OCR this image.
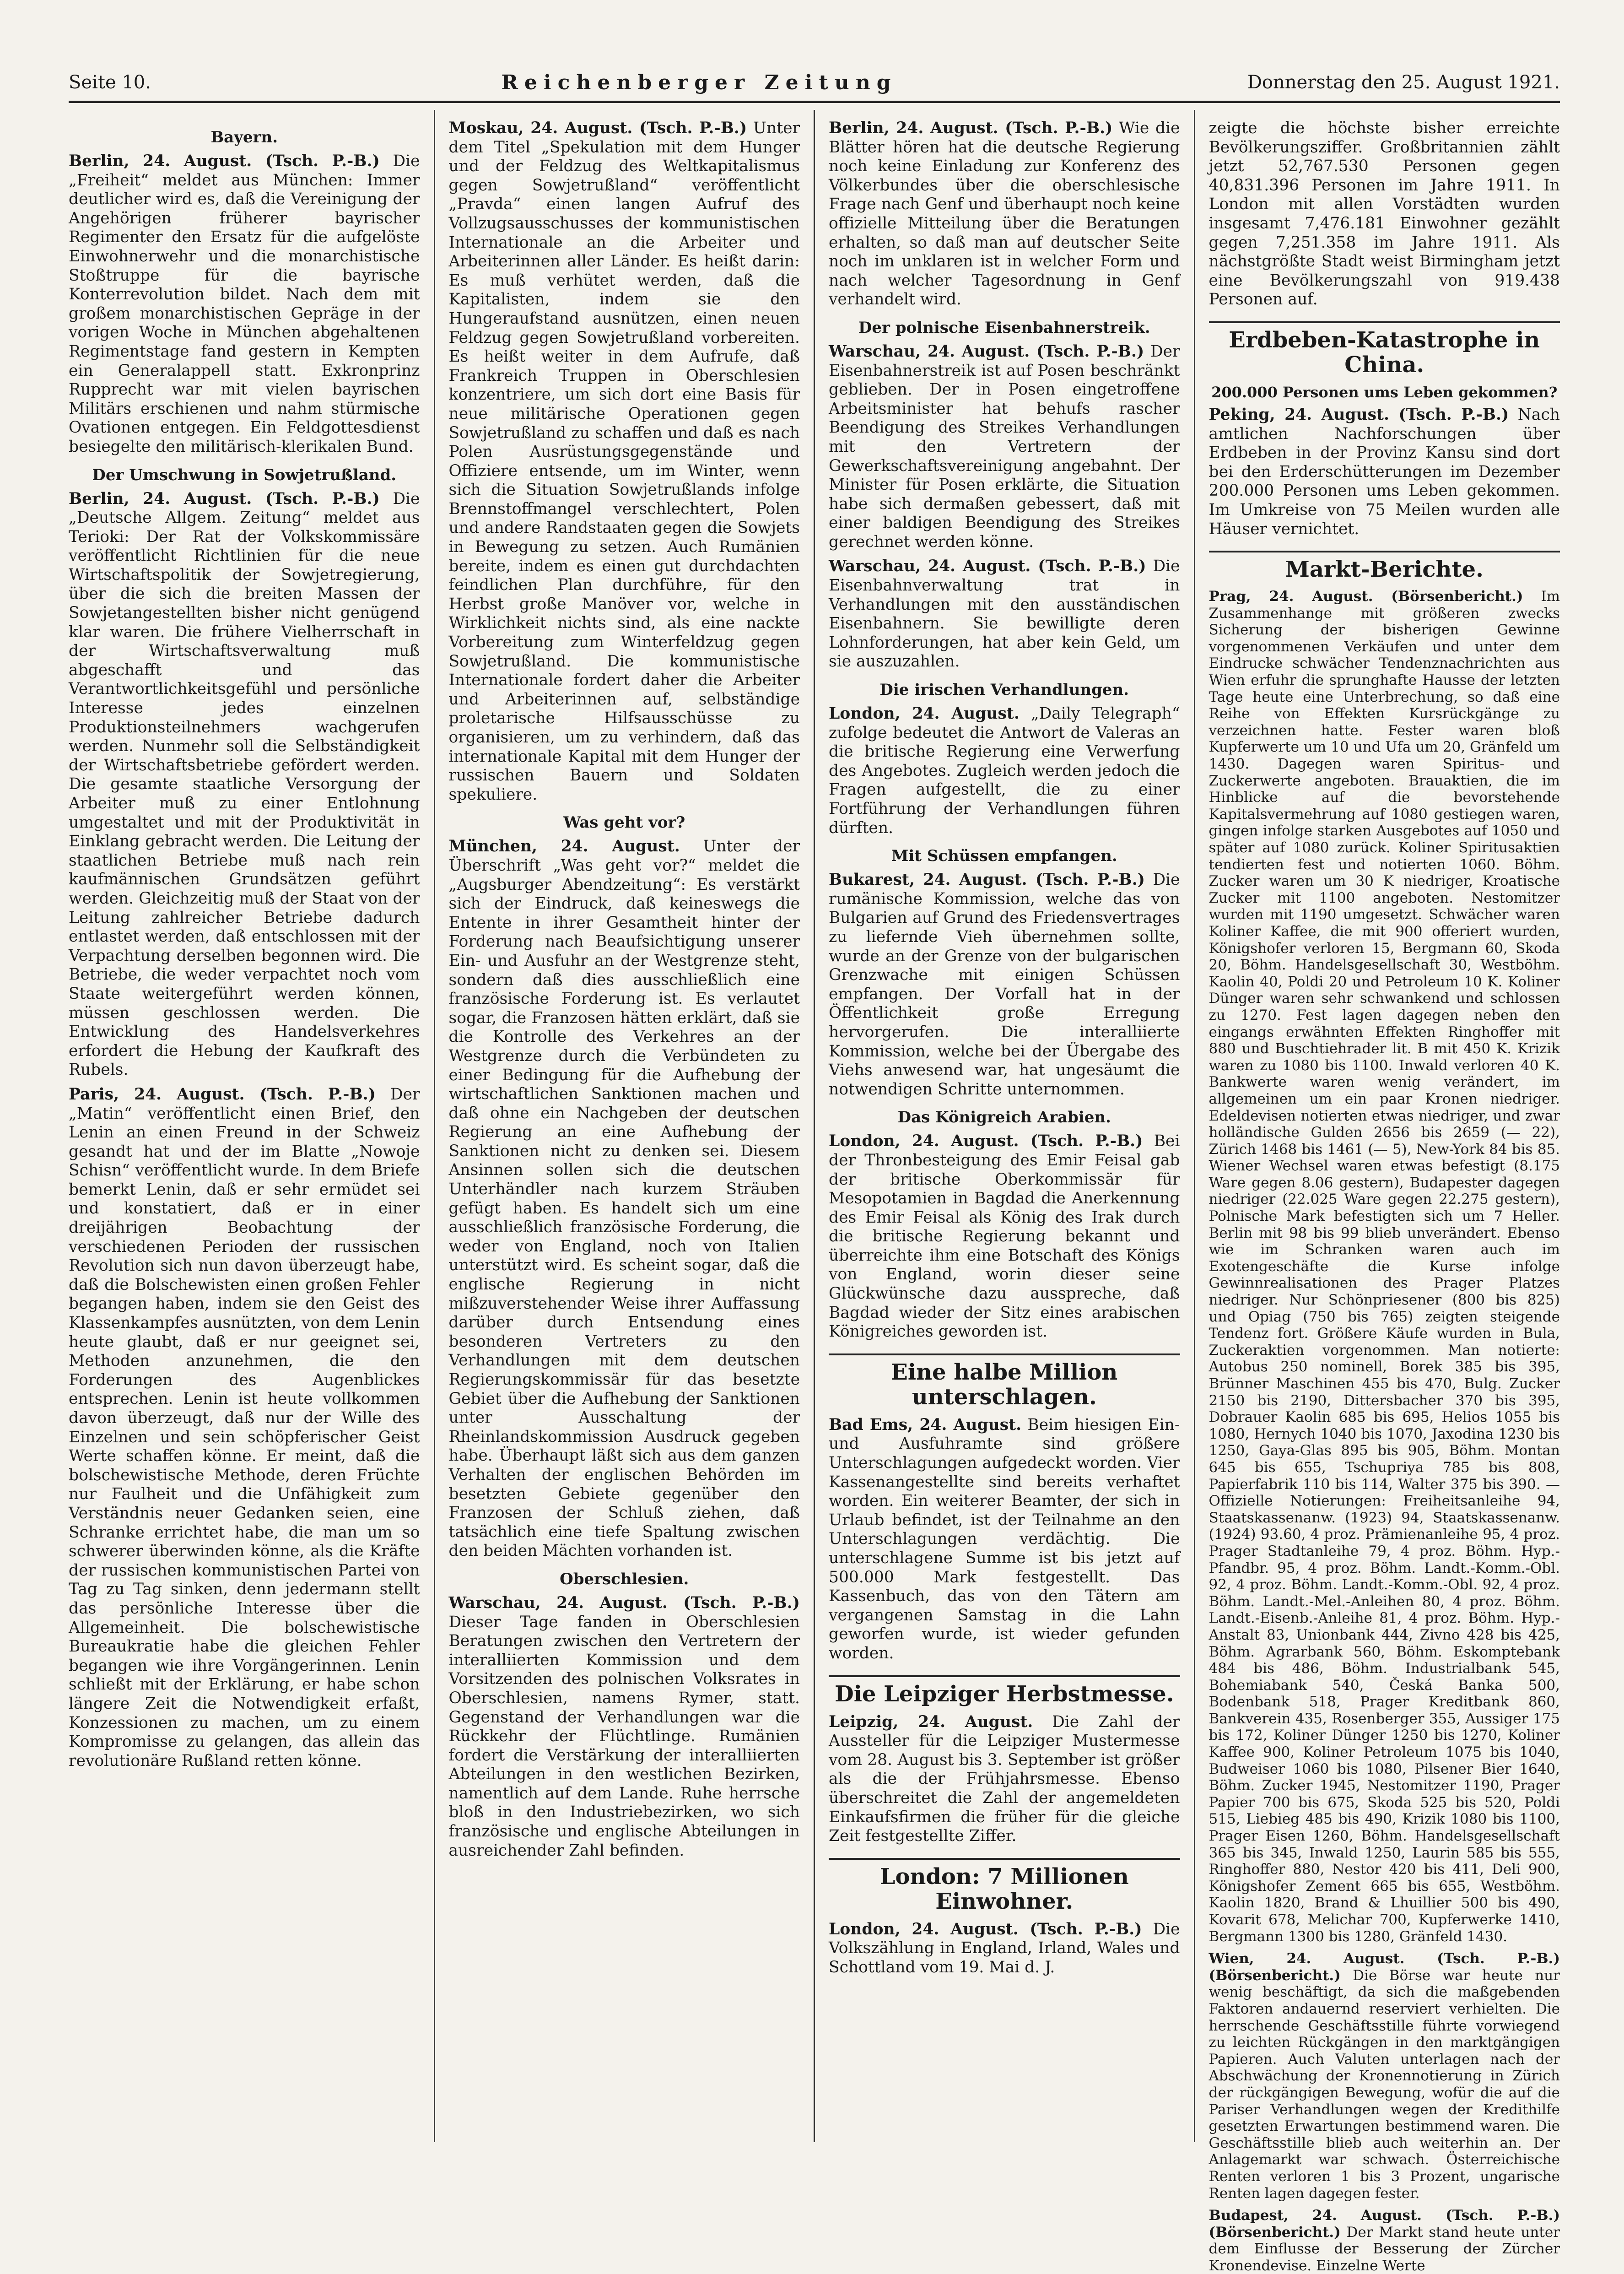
Seite 10.	Reichenberger Zeitung	Donnerstag den 25. August 1921.
Bayern.

Berlin, 24. August. (Tsch. P.-B.) Die „Freiheit“ meldet aus München: Immer deutlicher wird es, daß die Vereinigung der Angehörigen früherer bayrischer Regimenter den Ersatz für die aufgelöste Einwohnerwehr und die monarchistische Stoßtruppe für die bayrische Konterrevolution bildet. Nach dem mit großem monarchistischen Gepräge in der vorigen Woche in München abgehaltenen Regimentstage fand gestern in Kempten ein Generalappell statt. Exkronprinz Rupprecht war mit vielen bayrischen Militärs erschienen und nahm stürmische Ovationen entgegen. Ein Feldgottesdienst besiegelte den militärisch-klerikalen Bund.

Der Umschwung in Sowjetrußland.

Berlin, 24. August. (Tsch. P.-B.) Die „Deutsche Allgem. Zeitung“ meldet aus Terioki: Der Rat der Volkskommissäre veröffentlicht Richtlinien für die neue Wirtschaftspolitik der Sowjetregierung, über die sich die breiten Massen der Sowjetangestellten bisher nicht genügend klar waren. Die frühere Vielherrschaft in der Wirtschaftsverwaltung muß abgeschafft und das Verantwortlichkeitsgefühl und persönliche Interesse jedes einzelnen Produktionsteilnehmers wachgerufen werden. Nunmehr soll die Selbständigkeit der Wirtschaftsbetriebe gefördert werden. Die gesamte staatliche Versorgung der Arbeiter muß zu einer Entlohnung umgestaltet und mit der Produktivität in Einklang gebracht werden. Die Leitung der staatlichen Betriebe muß nach rein kaufmännischen Grundsätzen geführt werden. Gleichzeitig muß der Staat von der Leitung zahlreicher Betriebe dadurch entlastet werden, daß entschlossen mit der Verpachtung derselben begonnen wird. Die Betriebe, die weder verpachtet noch vom Staate weitergeführt werden können, müssen geschlossen werden. Die Entwicklung des Handelsverkehres erfordert die Hebung der Kaufkraft des Rubels.

Paris, 24. August. (Tsch. P.-B.) Der „Matin“ veröffentlicht einen Brief, den Lenin an einen Freund in der Schweiz gesandt hat und der im Blatte „Nowoje Schisn“ veröffentlicht wurde. In dem Briefe bemerkt Lenin, daß er sehr ermüdet sei und konstatiert, daß er in einer dreijährigen Beobachtung der verschiedenen Perioden der russischen Revolution sich nun davon überzeugt habe, daß die Bolschewisten einen großen Fehler begangen haben, indem sie den Geist des Klassenkampfes ausnützten, von dem Lenin heute glaubt, daß er nur geeignet sei, Methoden anzunehmen, die den Forderungen des Augenblickes entsprechen. Lenin ist heute vollkommen davon überzeugt, daß nur der Wille des Einzelnen und sein schöpferischer Geist Werte schaffen könne. Er meint, daß die bolschewistische Methode, deren Früchte nur Faulheit und die Unfähigkeit zum Verständnis neuer Gedanken seien, eine Schranke errichtet habe, die man um so schwerer überwinden könne, als die Kräfte der russischen kommunistischen Partei von Tag zu Tag sinken, denn jedermann stellt das persönliche Interesse über die Allgemeinheit. Die bolschewistische Bureaukratie habe die gleichen Fehler begangen wie ihre Vorgängerinnen. Lenin schließt mit der Erklärung, er habe schon längere Zeit die Notwendigkeit erfaßt, Konzessionen zu machen, um zu einem Kompromisse zu gelangen, das allein das revolutionäre Rußland retten könne.

Moskau, 24. August. (Tsch. P.-B.) Unter dem Titel „Spekulation mit dem Hunger und der Feldzug des Weltkapitalismus gegen Sowjetrußland“ veröffentlicht „Pravda“ einen langen Aufruf des Vollzugsausschusses der kommunistischen Internationale an die Arbeiter und Arbeiterinnen aller Länder. Es heißt darin: Es muß verhütet werden, daß die Kapitalisten, indem sie den Hungeraufstand ausnützen, einen neuen Feldzug gegen Sowjetrußland vorbereiten. Es heißt weiter in dem Aufrufe, daß Frankreich Truppen in Oberschlesien konzentriere, um sich dort eine Basis für neue militärische Operationen gegen Sowjetrußland zu schaffen und daß es nach Polen Ausrüstungsgegenstände und Offiziere entsende, um im Winter, wenn sich die Situation Sowjetrußlands infolge Brennstoffmangel verschlechtert, Polen und andere Randstaaten gegen die Sowjets in Bewegung zu setzen. Auch Rumänien bereite, indem es einen gut durchdachten feindlichen Plan durchführe, für den Herbst große Manöver vor, welche in Wirklichkeit nichts sind, als eine nackte Vorbereitung zum Winterfeldzug gegen Sowjetrußland. Die kommunistische Internationale fordert daher die Arbeiter und Arbeiterinnen auf, selbständige proletarische Hilfsausschüsse zu organisieren, um zu verhindern, daß das internationale Kapital mit dem Hunger der russischen Bauern und Soldaten spekuliere.

Was geht vor?

München, 24. August. Unter der Überschrift „Was geht vor?“ meldet die „Augsburger Abendzeitung“: Es verstärkt sich der Eindruck, daß keineswegs die Entente in ihrer Gesamtheit hinter der Forderung nach Beaufsichtigung unserer Ein- und Ausfuhr an der Westgrenze steht, sondern daß dies ausschließlich eine französische Forderung ist. Es verlautet sogar, die Franzosen hätten erklärt, daß sie die Kontrolle des Verkehres an der Westgrenze durch die Verbündeten zu einer Bedingung für die Aufhebung der wirtschaftlichen Sanktionen machen und daß ohne ein Nachgeben der deutschen Regierung an eine Aufhebung der Sanktionen nicht zu denken sei. Diesem Ansinnen sollen sich die deutschen Unterhändler nach kurzem Sträuben gefügt haben. Es handelt sich um eine ausschließlich französische Forderung, die weder von England, noch von Italien unterstützt wird. Es scheint sogar, daß die englische Regierung in nicht mißzuverstehender Weise ihrer Auffassung darüber durch Entsendung eines besonderen Vertreters zu den Verhandlungen mit dem deutschen Regierungskommissär für das besetzte Gebiet über die Aufhebung der Sanktionen unter Ausschaltung der Rheinlandskommission Ausdruck gegeben habe. Überhaupt läßt sich aus dem ganzen Verhalten der englischen Behörden im besetzten Gebiete gegenüber den Franzosen der Schluß ziehen, daß tatsächlich eine tiefe Spaltung zwischen den beiden Mächten vorhanden ist.

Oberschlesien.

Warschau, 24. August. (Tsch. P.-B.) Dieser Tage fanden in Oberschlesien Beratungen zwischen den Vertretern der interalliierten Kommission und dem Vorsitzenden des polnischen Volksrates in Oberschlesien, namens Rymer, statt. Gegenstand der Verhandlungen war die Rückkehr der Flüchtlinge. Rumänien fordert die Verstärkung der interalliierten Abteilungen in den westlichen Bezirken, namentlich auf dem Lande. Ruhe herrsche bloß in den Industriebezirken, wo sich französische und englische Abteilungen in ausreichender Zahl befinden.

Berlin, 24. August. (Tsch. P.-B.) Wie die Blätter hören hat die deutsche Regierung noch keine Einladung zur Konferenz des Völkerbundes über die oberschlesische Frage nach Genf und überhaupt noch keine offizielle Mitteilung über die Beratungen erhalten, so daß man auf deutscher Seite noch im unklaren ist in welcher Form und nach welcher Tagesordnung in Genf verhandelt wird.

Der polnische Eisenbahnerstreik.

Warschau, 24. August. (Tsch. P.-B.) Der Eisenbahnerstreik ist auf Posen beschränkt geblieben. Der in Posen eingetroffene Arbeitsminister hat behufs rascher Beendigung des Streikes Verhandlungen mit den Vertretern der Gewerkschaftsvereinigung angebahnt. Der Minister für Posen erklärte, die Situation habe sich dermaßen gebessert, daß mit einer baldigen Beendigung des Streikes gerechnet werden könne.

Warschau, 24. August. (Tsch. P.-B.) Die Eisenbahnverwaltung trat in Verhandlungen mit den ausständischen Eisenbahnern. Sie bewilligte deren Lohnforderungen, hat aber kein Geld, um sie auszuzahlen.

Die irischen Verhandlungen.

London, 24. August. „Daily Telegraph“ zufolge bedeutet die Antwort de Valeras an die britische Regierung eine Verwerfung des Angebotes. Zugleich werden jedoch die Fragen aufgestellt, die zu einer Fortführung der Verhandlungen führen dürften.

Mit Schüssen empfangen.

Bukarest, 24. August. (Tsch. P.-B.) Die rumänische Kommission, welche das von Bulgarien auf Grund des Friedensvertrages zu liefernde Vieh übernehmen sollte, wurde an der Grenze von der bulgarischen Grenzwache mit einigen Schüssen empfangen. Der Vorfall hat in der Öffentlichkeit große Erregung hervorgerufen. Die interalliierte Kommission, welche bei der Übergabe des Viehs anwesend war, hat ungesäumt die notwendigen Schritte unternommen.

Das Königreich Arabien.

London, 24. August. (Tsch. P.-B.) Bei der Thronbesteigung des Emir Feisal gab der britische Oberkommissär für Mesopotamien in Bagdad die Anerkennung des Emir Feisal als König des Irak durch die britische Regierung bekannt und überreichte ihm eine Botschaft des Königs von England, worin dieser seine Glückwünsche dazu ausspreche, daß Bagdad wieder der Sitz eines arabischen Königreiches geworden ist.

Eine halbe Million unterschlagen.

Bad Ems, 24. August. Beim hiesigen Ein- und Ausfuhramte sind größere Unterschlagungen aufgedeckt worden. Vier Kassenangestellte sind bereits verhaftet worden. Ein weiterer Beamter, der sich in Urlaub befindet, ist der Teilnahme an den Unterschlagungen verdächtig. Die unterschlagene Summe ist bis jetzt auf 500.000 Mark festgestellt. Das Kassenbuch, das von den Tätern am vergangenen Samstag in die Lahn geworfen wurde, ist wieder gefunden worden.

Die Leipziger Herbstmesse.

Leipzig, 24. August. Die Zahl der Aussteller für die Leipziger Mustermesse vom 28. August bis 3. September ist größer als die der Frühjahrsmesse. Ebenso überschreitet die Zahl der angemeldeten Einkaufsfirmen die früher für die gleiche Zeit festgestellte Ziffer.

London: 7 Millionen Einwohner.

London, 24. August. (Tsch. P.-B.) Die Volkszählung in England, Irland, Wales und Schottland vom 19. Mai d. J.

zeigte die höchste bisher erreichte Bevölkerungsziffer. Großbritannien zählt jetzt 52,767.530 Personen gegen 40,831.396 Personen im Jahre 1911. In London mit allen Vorstädten wurden insgesamt 7,476.181 Einwohner gezählt gegen 7,251.358 im Jahre 1911. Als nächstgrößte Stadt weist Birmingham jetzt eine Bevölkerungszahl von 919.438 Personen auf.

Erdbeben-Katastrophe in China.
200.000 Personen ums Leben gekommen?

Peking, 24. August. (Tsch. P.-B.) Nach amtlichen Nachforschungen über Erdbeben in der Provinz Kansu sind dort bei den Erderschütterungen im Dezember 200.000 Personen ums Leben gekommen. Im Umkreise von 75 Meilen wurden alle Häuser vernichtet.

Markt-Berichte.

Prag, 24. August. (Börsenbericht.) Im Zusammenhange mit größeren zwecks Sicherung der bisherigen Gewinne vorgenommenen Verkäufen und unter dem Eindrucke schwächer Tendenznachrichten aus Wien erfuhr die sprunghafte Hausse der letzten Tage heute eine Unterbrechung, so daß eine Reihe von Effekten Kursrückgänge zu verzeichnen hatte. Fester waren bloß Kupferwerte um 10 und Ufa um 20, Gränfeld um 1430. Dagegen waren Spiritus- und Zuckerwerte angeboten. Brauaktien, die im Hinblicke auf die bevorstehende Kapitalsvermehrung auf 1080 gestiegen waren, gingen infolge starken Ausgebotes auf 1050 und später auf 1080 zurück. Koliner Spiritusaktien tendierten fest und notierten 1060. Böhm. Zucker waren um 30 K niedriger, Kroatische Zucker mit 1100 angeboten. Nestomitzer wurden mit 1190 umgesetzt. Schwächer waren Koliner Kaffee, die mit 900 offeriert wurden, Königshofer verloren 15, Bergmann 60, Skoda 20, Böhm. Handelsgesellschaft 30, Westböhm. Kaolin 40, Poldi 20 und Petroleum 10 K. Koliner Dünger waren sehr schwankend und schlossen zu 1270. Fest lagen dagegen neben den eingangs erwähnten Effekten Ringhoffer mit 880 und Buschtiehrader lit. B mit 450 K. Krizik waren zu 1080 bis 1100. Inwald verloren 40 K. Bankwerte waren wenig verändert, im allgemeinen um ein paar Kronen niedriger. Edeldevisen notierten etwas niedriger, und zwar holländische Gulden 2656 bis 2659 (— 22), Zürich 1468 bis 1461 (— 5), New-York 84 bis 85. Wiener Wechsel waren etwas befestigt (8.175 Ware gegen 8.06 gestern), Budapester dagegen niedriger (22.025 Ware gegen 22.275 gestern), Polnische Mark befestigten sich um 7 Heller. Berlin mit 98 bis 99 blieb unverändert. Ebenso wie im Schranken waren auch im Exotengeschäfte die Kurse infolge Gewinnrealisationen des Prager Platzes niedriger. Nur Schönpriesener (800 bis 825) und Opiag (750 bis 765) zeigten steigende Tendenz fort. Größere Käufe wurden in Bula, Zuckeraktien vorgenommen. Man notierte: Autobus 250 nominell, Borek 385 bis 395, Brünner Maschinen 455 bis 470, Bulg. Zucker 2150 bis 2190, Dittersbacher 370 bis 395, Dobrauer Kaolin 685 bis 695, Helios 1055 bis 1080, Hernych 1040 bis 1070, Jaxodina 1230 bis 1250, Gaya-Glas 895 bis 905, Böhm. Montan 645 bis 655, Tschupriya 785 bis 808, Papierfabrik 110 bis 114, Walter 375 bis 390. — Offizielle Notierungen: Freiheitsanleihe 94, Staatskassenanw. (1923) 94, Staatskassenanw. (1924) 93.60, 4 proz. Prämienanleihe 95, 4 proz. Prager Stadtanleihe 79, 4 proz. Böhm. Hyp.-Pfandbr. 95, 4 proz. Böhm. Landt.-Komm.-Obl. 92, 4 proz. Böhm. Landt.-Komm.-Obl. 92, 4 proz. Böhm. Landt.-Mel.-Anleihen 80, 4 proz. Böhm. Landt.-Eisenb.-Anleihe 81, 4 proz. Böhm. Hyp.-Anstalt 83, Unionbank 444, Zivno 428 bis 425, Böhm. Agrarbank 560, Böhm. Eskomptebank 484 bis 486, Böhm. Industrialbank 545, Bohemiabank 540, Česká Banka 500, Bodenbank 518, Prager Kreditbank 860, Bankverein 435, Rosenberger 355, Aussiger 175 bis 172, Koliner Dünger 1250 bis 1270, Koliner Kaffee 900, Koliner Petroleum 1075 bis 1040, Budweiser 1060 bis 1080, Pilsener Bier 1640, Böhm. Zucker 1945, Nestomitzer 1190, Prager Papier 700 bis 675, Skoda 525 bis 520, Poldi 515, Liebieg 485 bis 490, Krizik 1080 bis 1100, Prager Eisen 1260, Böhm. Handelsgesellschaft 365 bis 345, Inwald 1250, Laurin 585 bis 555, Ringhoffer 880, Nestor 420 bis 411, Deli 900, Königshofer Zement 665 bis 655, Westböhm. Kaolin 1820, Brand & Lhuillier 500 bis 490, Kovarit 678, Melichar 700, Kupferwerke 1410, Bergmann 1300 bis 1280, Gränfeld 1430.

Wien, 24. August. (Tsch. P.-B.) (Börsenbericht.) Die Börse war heute nur wenig beschäftigt, da sich die maßgebenden Faktoren andauernd reserviert verhielten. Die herrschende Geschäftsstille führte vorwiegend zu leichten Rückgängen in den marktgängigen Papieren. Auch Valuten unterlagen nach der Abschwächung der Kronennotierung in Zürich der rückgängigen Bewegung, wofür die auf die Pariser Verhandlungen wegen der Kredithilfe gesetzten Erwartungen bestimmend waren. Die Geschäftsstille blieb auch weiterhin an. Der Anlagemarkt war schwach. Österreichische Renten verloren 1 bis 3 Prozent, ungarische Renten lagen dagegen fester.

Budapest, 24. August. (Tsch. P.-B.) (Börsenbericht.) Der Markt stand heute unter dem Einflusse der Besserung der Zürcher Kronendevise. Einzelne Werte
